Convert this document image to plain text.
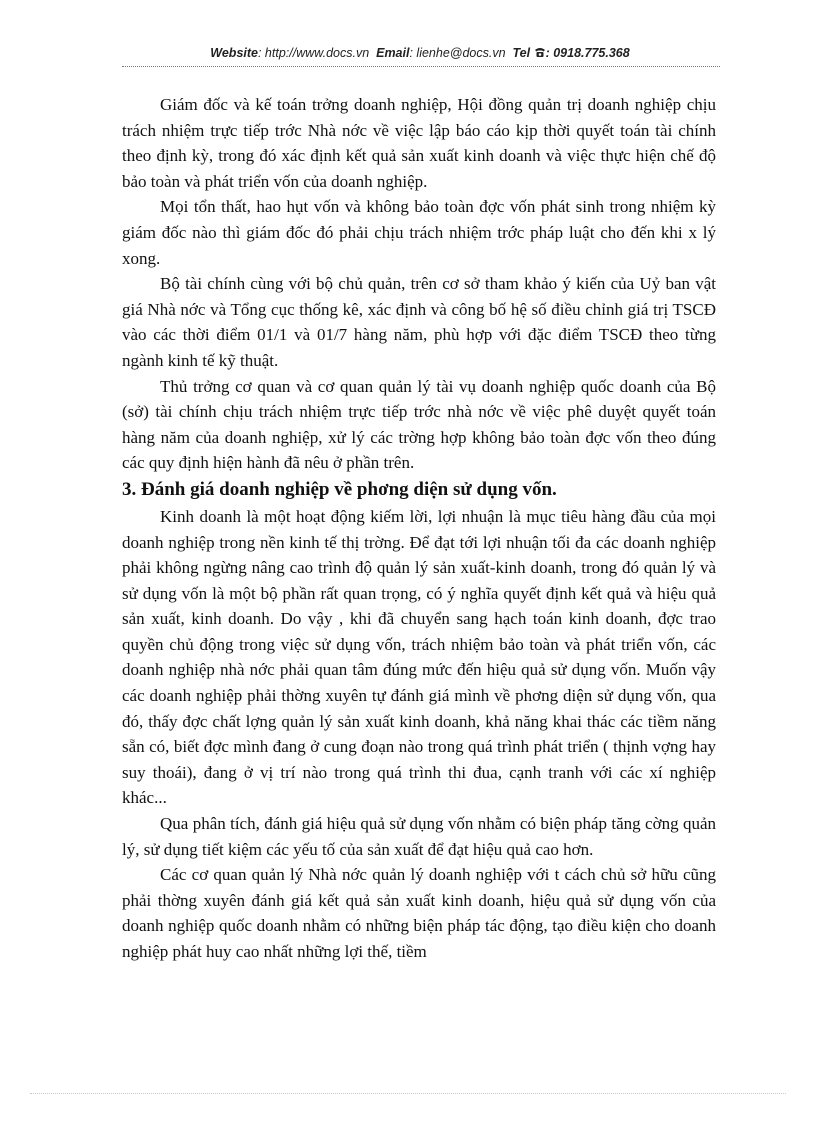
Website: http://www.docs.vn Email: lienhe@docs.vn Tel : 0918.775.368

Giám đốc và kế toán trởng doanh nghiệp, Hội đồng quản trị doanh nghiệp chịu trách nhiệm trực tiếp trớc Nhà nớc về việc lập báo cáo kịp thời quyết toán tài chính theo định kỳ, trong đó xác định kết quả sản xuất kinh doanh và việc thực hiện chế độ bảo toàn và phát triển vốn của doanh nghiệp.

Mọi tổn thất, hao hụt vốn và không bảo toàn đợc vốn phát sinh trong nhiệm kỳ giám đốc nào thì giám đốc đó phải chịu trách nhiệm trớc pháp luật cho đến khi x lý xong.

Bộ tài chính cùng với bộ chủ quản, trên cơ sở tham khảo ý kiến của Uỷ ban vật giá Nhà nớc và Tổng cục thống kê, xác định và công bố hệ số điều chỉnh giá trị TSCĐ vào các thời điểm 01/1 và 01/7 hàng năm, phù hợp với đặc điểm TSCĐ theo từng ngành kinh tế kỹ thuật.

Thủ trởng cơ quan và cơ quan quản lý tài vụ doanh nghiệp quốc doanh của Bộ (sở) tài chính chịu trách nhiệm trực tiếp trớc nhà nớc về việc phê duyệt quyết toán hàng năm của doanh nghiệp, xử lý các trờng hợp không bảo toàn đợc vốn theo đúng các quy định hiện hành đã nêu ở phần trên.

3. Đánh giá doanh nghiệp về phơng diện sử dụng vốn.

Kinh doanh là một hoạt động kiếm lời, lợi nhuận là mục tiêu hàng đầu của mọi doanh nghiệp trong nền kinh tế thị trờng. Để đạt tới lợi nhuận tối đa các doanh nghiệp phải không ngừng nâng cao trình độ quản lý sản xuất-kinh doanh, trong đó quản lý và sử dụng vốn là một bộ phần rất quan trọng, có ý nghĩa quyết định kết quả và hiệu quả sản xuất, kinh doanh. Do vậy , khi đã chuyển sang hạch toán kinh doanh, đợc trao quyền chủ động trong việc sử dụng vốn, trách nhiệm bảo toàn và phát triển vốn, các doanh nghiệp nhà nớc phải quan tâm đúng mức đến hiệu quả sử dụng vốn. Muốn vậy các doanh nghiệp phải thờng xuyên tự đánh giá mình về phơng diện sử dụng vốn, qua đó, thấy đợc chất lợng quản lý sản xuất kinh doanh, khả năng khai thác các tiềm năng sẵn có, biết đợc mình đang ở cung đoạn nào trong quá trình phát triển ( thịnh vợng hay suy thoái), đang ở vị trí nào trong quá trình thi đua, cạnh tranh với các xí nghiệp khác...

Qua phân tích, đánh giá hiệu quả sử dụng vốn nhằm có biện pháp tăng cờng quản lý, sử dụng tiết kiệm các yếu tố của sản xuất để đạt hiệu quả cao hơn.

Các cơ quan quản lý Nhà nớc quản lý doanh nghiệp với t cách chủ sở hữu cũng phải thờng xuyên đánh giá kết quả sản xuất kinh doanh, hiệu quả sử dụng vốn của doanh nghiệp quốc doanh nhằm có những biện pháp tác động, tạo điều kiện cho doanh nghiệp phát huy cao nhất những lợi thế, tiềm
